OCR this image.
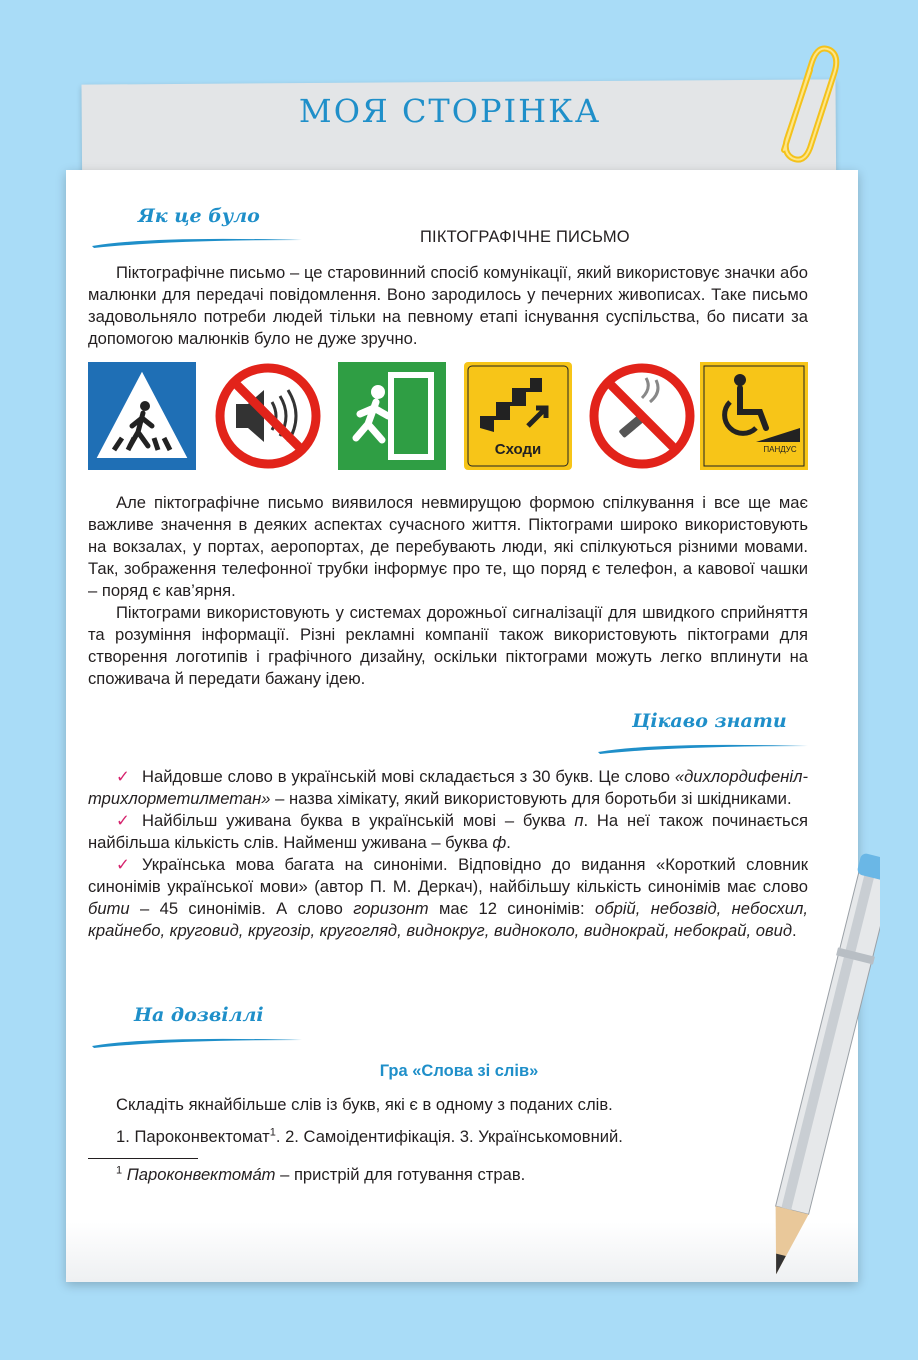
МОЯ СТОРІНКА
Як це було
ПІКТОГРАФІЧНЕ ПИСЬМО

Піктографічне письмо – це старовинний спосіб комунікації, який використовує значки або малюнки для передачі повідомлення. Воно зародилось у печерних живописах. Таке письмо задовольняло потреби людей тільки на певному етапі існування суспільства, бо писати за допомогою малюнків було не дуже зручно.

Сходи	ПАНДУС

Але піктографічне письмо виявилося невмирущою формою спілкування і все ще має важливе значення в деяких аспектах сучасного життя. Піктограми широко використовують на вокзалах, у портах, аеропортах, де перебувають люди, які спілкуються різними мовами. Так, зображення телефонної трубки інформує про те, що поряд є телефон, а кавової чашки – поряд є кав’ярня.

Піктограми використовують у системах дорожньої сигналізації для швидкого сприйняття та розуміння інформації. Різні рекламні компанії також використовують піктограми для створення логотипів і графічного дизайну, оскільки піктограми можуть легко вплинути на споживача й передати бажану ідею.

Цікаво знати

✓ Найдовше слово в українській мові складається з 30 букв. Це слово «дихлордифенілтрихлорметилметан» – назва хімікату, який використовують для боротьби зі шкідниками.

✓ Найбільш уживана буква в українській мові – буква п. На неї також починається найбільша кількість слів. Найменш уживана – буква ф.

✓ Українська мова багата на синоніми. Відповідно до видання «Короткий словник синонімів української мови» (автор П. М. Деркач), найбільшу кількість синонімів має слово бити – 45 синонімів. А слово горизонт має 12 синонімів: обрій, небозвід, небосхил, крайнебо, круговид, кругозір, кругогляд, виднокруг, видноколо, виднокрай, небокрай, овид.

На дозвіллі
Гра «Слова зі слів»

Складіть якнайбільше слів із букв, які є в одному з поданих слів.

1. Пароконвектомат$^1$. 2. Самоідентифікація. 3. Українськомовний.

$^1$ Пароконвектомáт – пристрій для готування страв.
